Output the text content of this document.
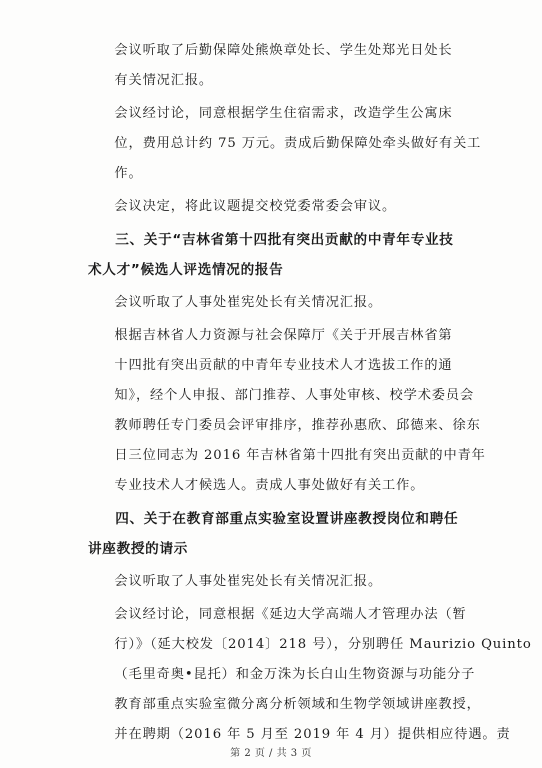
会议听取了后勤保障处熊焕章处长、学生处郑光日处长
有关情况汇报。
会议经讨论，同意根据学生住宿需求，改造学生公寓床
位，费用总计约 75 万元。责成后勤保障处牵头做好有关工
作。
会议决定，将此议题提交校党委常委会审议。
三、关于“吉林省第十四批有突出贡献的中青年专业技
术人才”候选人评选情况的报告
会议听取了人事处崔宪处长有关情况汇报。
根据吉林省人力资源与社会保障厅《关于开展吉林省第
十四批有突出贡献的中青年专业技术人才选拔工作的通
知》，经个人申报、部门推荐、人事处审核、校学术委员会
教师聘任专门委员会评审排序，推荐孙惠欣、邱德来、徐东
日三位同志为 2016 年吉林省第十四批有突出贡献的中青年
专业技术人才候选人。责成人事处做好有关工作。
四、关于在教育部重点实验室设置讲座教授岗位和聘任
讲座教授的请示
会议听取了人事处崔宪处长有关情况汇报。
会议经讨论，同意根据《延边大学高端人才管理办法（暂
行）》（延大校发〔2014〕218 号），分别聘任 Maurizio Quinto
（毛里奇奥•昆托）和金万洙为长白山生物资源与功能分子
教育部重点实验室微分离分析领域和生物学领域讲座教授，
并在聘期（2016 年 5 月至 2019 年 4 月）提供相应待遇。责
第 2 页 / 共 3 页
